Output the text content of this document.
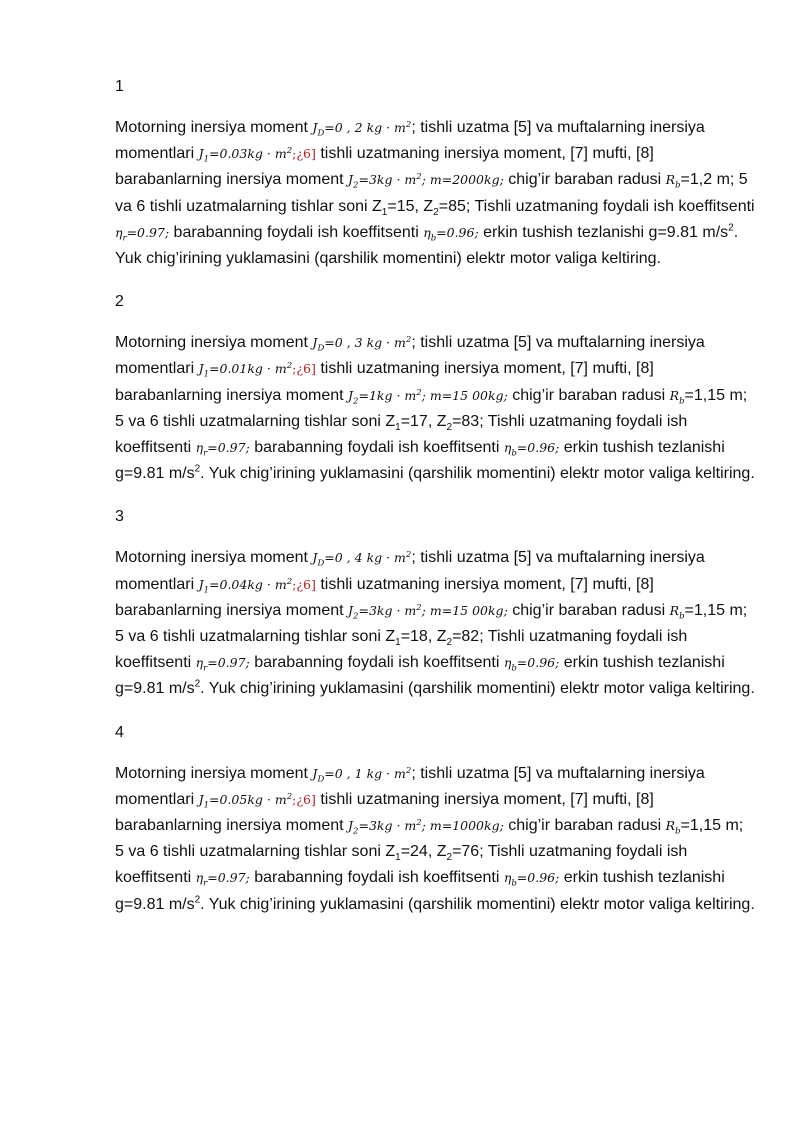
1

Motorning inersiya moment $J_D=0$ , 2 kg · $m^2$; tishli uzatma [5] va muftalarning inersiya momentlari $J_1=0.03kg$ · $m^2;¿6$] tishli uzatmaning inersiya moment, [7] mufti, [8] barabanlarning inersiya moment $J_2=3kg \cdot m^2$; m=2000kg; chig’ir baraban radusi $R_b=1,2$ m; 5 va 6 tishli uzatmalarning tishlar soni $Z_1=15$, $Z_2=85$; Tishli uzatmaning foydali ish koeffitsenti $\eta_r=0.97$; barabanning foydali ish koeffitsenti $\eta_b=0.96$; erkin tushish tezlanishi g=9.81 $m/s^2$. Yuk chig’irining yuklamasini (qarshilik momentini) elektr motor valiga keltiring.

2

Motorning inersiya moment $J_D=0$ , 3 kg · $m^2$; tishli uzatma [5] va muftalarning inersiya momentlari $J_1=0.01kg$ · $m^2;¿6$] tishli uzatmaning inersiya moment, [7] mufti, [8] barabanlarning inersiya moment $J_2=1kg \cdot m^2$; m=15 00kg; chig’ir baraban radusi $R_b=1,15$ m; 5 va 6 tishli uzatmalarning tishlar soni $Z_1=17$, $Z_2=83$; Tishli uzatmaning foydali ish koeffitsenti $\eta_r=0.97$; barabanning foydali ish koeffitsenti $\eta_b=0.96$; erkin tushish tezlanishi g=9.81 $m/s^2$. Yuk chig’irining yuklamasini (qarshilik momentini) elektr motor valiga keltiring.

3

Motorning inersiya moment $J_D=0$ , 4 kg · $m^2$; tishli uzatma [5] va muftalarning inersiya momentlari $J_1=0.04kg$ · $m^2;¿6$] tishli uzatmaning inersiya moment, [7] mufti, [8] barabanlarning inersiya moment $J_2=3kg \cdot m^2$; m=15 00kg; chig’ir baraban radusi $R_b=1,15$ m; 5 va 6 tishli uzatmalarning tishlar soni $Z_1=18$, $Z_2=82$; Tishli uzatmaning foydali ish koeffitsenti $\eta_r=0.97$; barabanning foydali ish koeffitsenti $\eta_b=0.96$; erkin tushish tezlanishi g=9.81 $m/s^2$. Yuk chig’irining yuklamasini (qarshilik momentini) elektr motor valiga keltiring.

4

Motorning inersiya moment $J_D=0$ , 1 kg · $m^2$; tishli uzatma [5] va muftalarning inersiya momentlari $J_1=0.05kg$ · $m^2;¿6$] tishli uzatmaning inersiya moment, [7] mufti, [8] barabanlarning inersiya moment $J_2=3kg \cdot m^2$; m=1000kg; chig’ir baraban radusi $R_b=1,15$ m; 5 va 6 tishli uzatmalarning tishlar soni $Z_1=24$, $Z_2=76$; Tishli uzatmaning foydali ish koeffitsenti $\eta_r=0.97$; barabanning foydali ish koeffitsenti $\eta_b=0.96$; erkin tushish tezlanishi g=9.81 $m/s^2$. Yuk chig’irining yuklamasini (qarshilik momentini) elektr motor valiga keltiring.
